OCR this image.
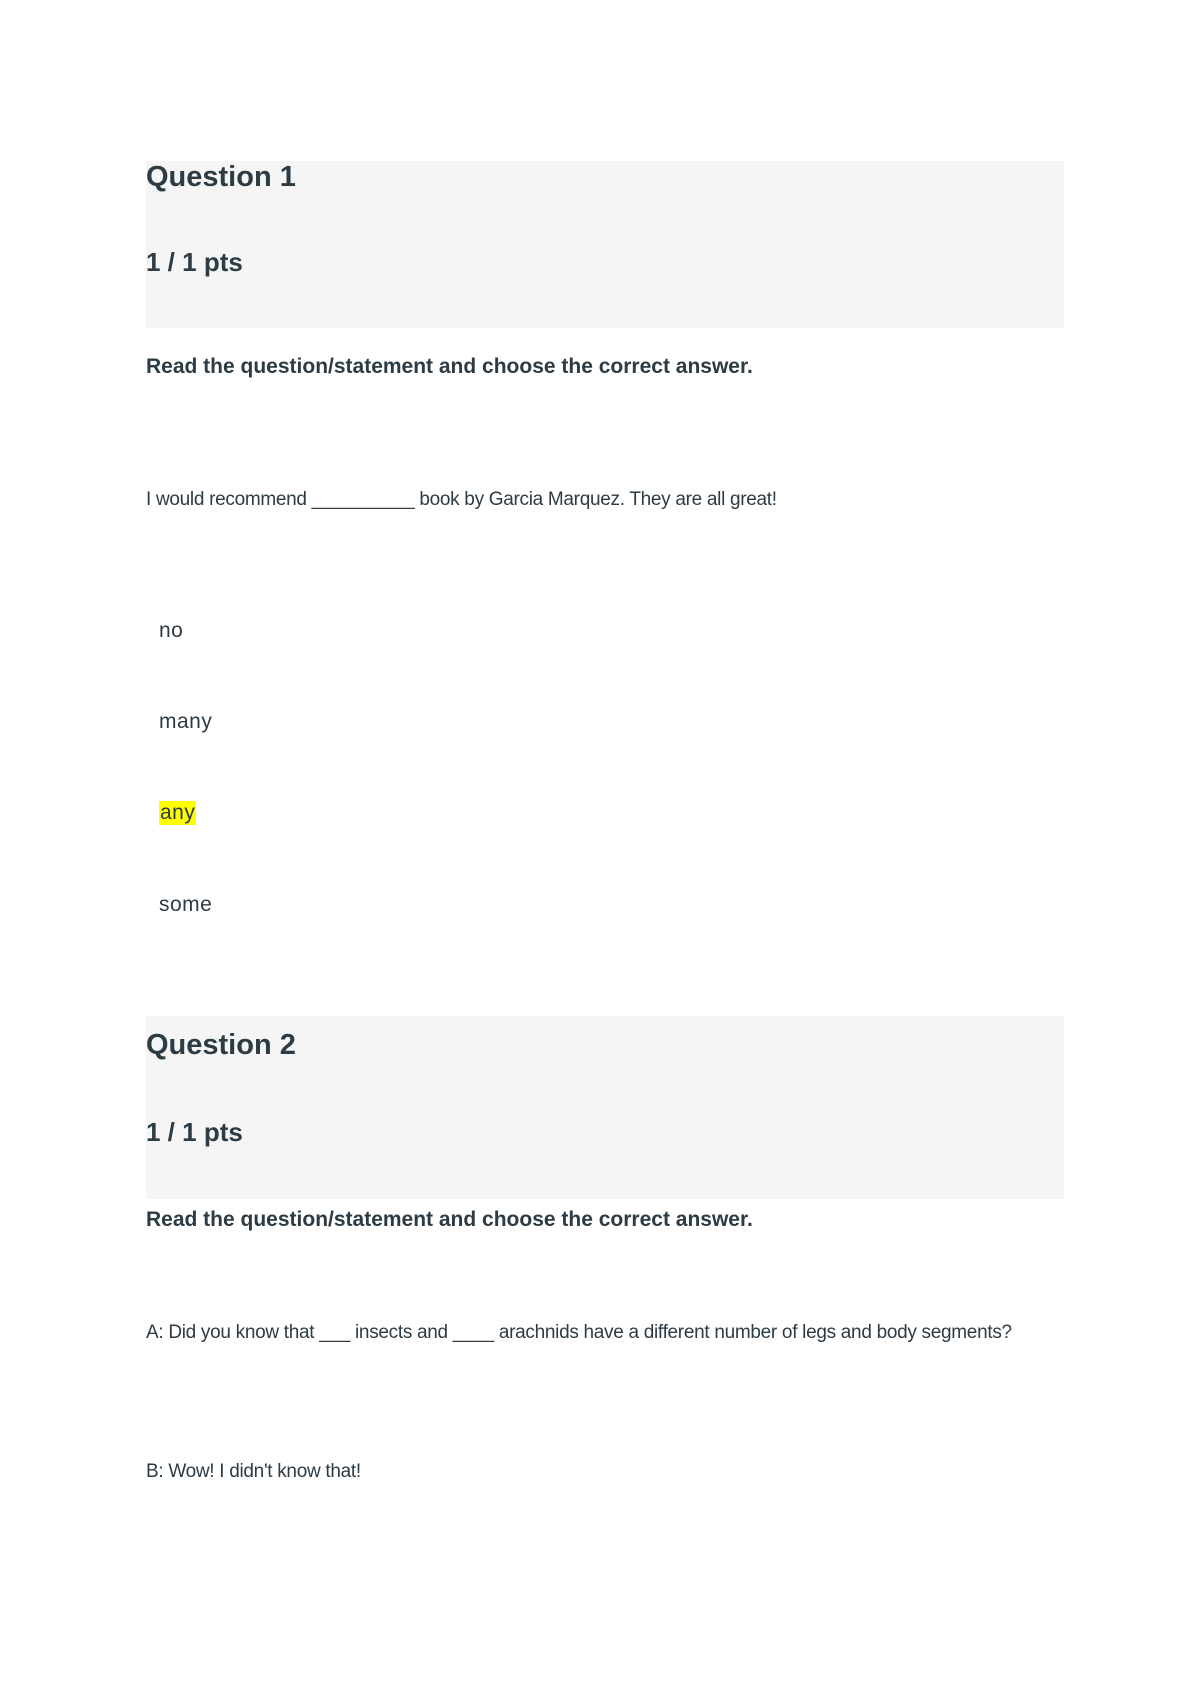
Question 1
1 / 1 pts

Read the question/statement and choose the correct answer.

I would recommend __________ book by Garcia Marquez. They are all great!

no

many

any

some

Question 2
1 / 1 pts

Read the question/statement and choose the correct answer.

A: Did you know that ___ insects and ____ arachnids have a different number of legs and body segments?

B: Wow! I didn't know that!
